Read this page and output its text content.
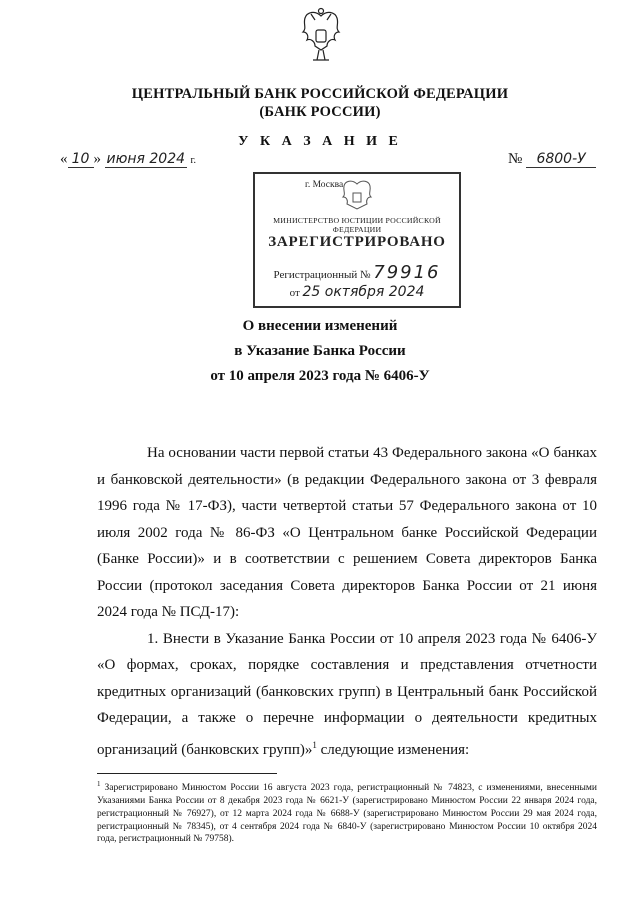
ЦЕНТРАЛЬНЫЙ БАНК РОССИЙСКОЙ ФЕДЕРАЦИИ
(БАНК РОССИИ)
У К А З А Н И Е
« 10 » июня 2024 г.	№ 6800-У
г. Москва
МИНИСТЕРСТВО ЮСТИЦИИ РОССИЙСКОЙ ФЕДЕРАЦИИ
ЗАРЕГИСТРИРОВАНО
Регистрационный № 79916
от 25 октября 2024
О внесении изменений
в Указание Банка России
от 10 апреля 2023 года № 6406-У

На основании части первой статьи 43 Федерального закона «О банках и банковской деятельности» (в редакции Федерального закона от 3 февраля 1996 года № 17-ФЗ), части четвертой статьи 57 Федерального закона от 10 июля 2002 года № 86-ФЗ «О Центральном банке Российской Федерации (Банке России)» и в соответствии с решением Совета директоров Банка России (протокол заседания Совета директоров Банка России от 21 июня 2024 года № ПСД-17):

1. Внести в Указание Банка России от 10 апреля 2023 года № 6406-У «О формах, сроках, порядке составления и представления отчетности кредитных организаций (банковских групп) в Центральный банк Российской Федерации, а также о перечне информации о деятельности кредитных организаций (банковских групп)»$^1$ следующие изменения:

$^1$ Зарегистрировано Минюстом России 16 августа 2023 года, регистрационный № 74823, с изменениями, внесенными Указаниями Банка России от 8 декабря 2023 года № 6621-У (зарегистрировано Минюстом России 22 января 2024 года, регистрационный № 76927), от 12 марта 2024 года № 6688-У (зарегистрировано Минюстом России 29 мая 2024 года, регистрационный № 78345), от 4 сентября 2024 года № 6840-У (зарегистрировано Минюстом России 10 октября 2024 года, регистрационный № 79758).
